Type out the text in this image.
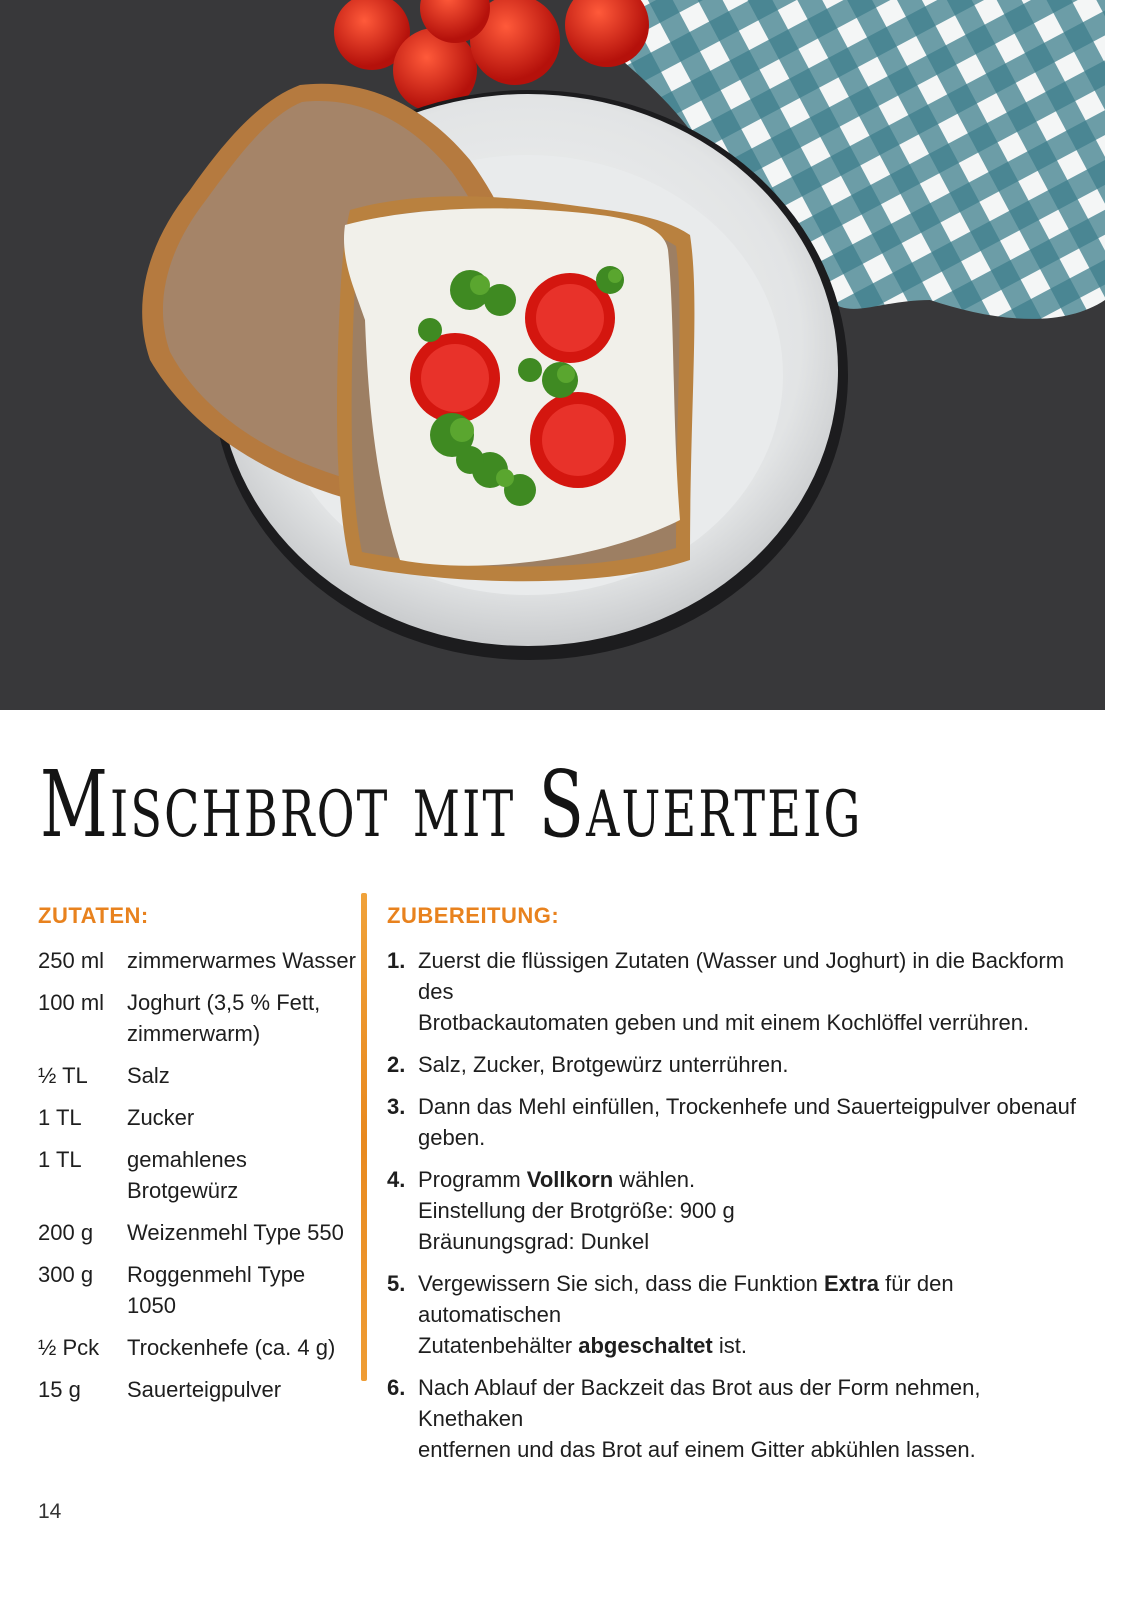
Mischbrot mit Sauerteig
ZUTATEN:
250 ml	zimmerwarmes Wasser
100 ml	Joghurt (3,5 % Fett, zimmerwarm)
½ TL	Salz
1 TL	Zucker
1 TL	gemahlenes Brotgewürz
200 g	Weizenmehl Type 550
300 g	Roggenmehl Type 1050
½ Pck	Trockenhefe (ca. 4 g)
15 g	Sauerteigpulver
ZUBEREITUNG:
1. Zuerst die flüssigen Zutaten (Wasser und Joghurt) in die Backform des
Brotbackautomaten geben und mit einem Kochlöffel verrühren.
2. Salz, Zucker, Brotgewürz unterrühren.
3. Dann das Mehl einfüllen, Trockenhefe und Sauerteigpulver obenauf
geben.
4. Programm Vollkorn wählen.
Einstellung der Brotgröße: 900 g
Bräunungsgrad: Dunkel
5. Vergewissern Sie sich, dass die Funktion Extra für den automatischen
Zutatenbehälter abgeschaltet ist.
6. Nach Ablauf der Backzeit das Brot aus der Form nehmen, Knethaken
entfernen und das Brot auf einem Gitter abkühlen lassen.
14
